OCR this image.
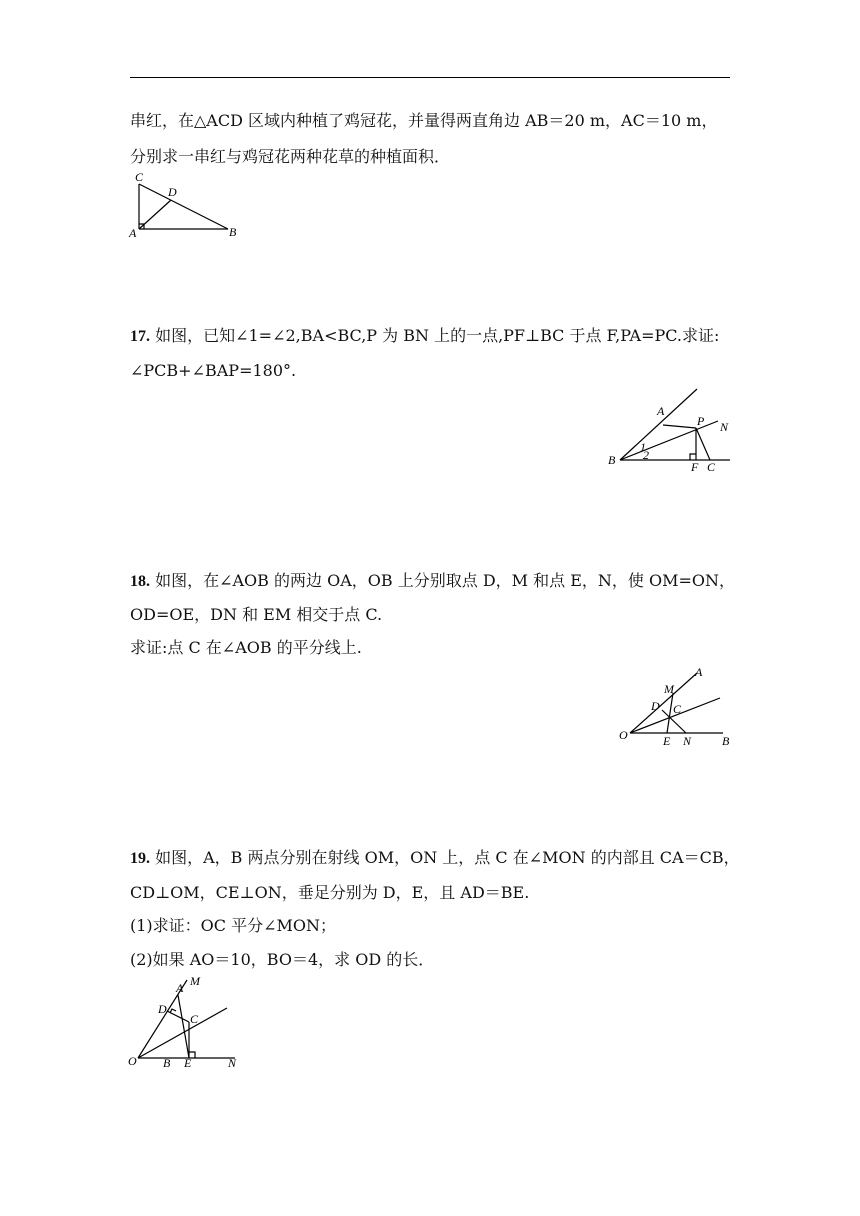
串红，在△ACD 区域内种植了鸡冠花，并量得两直角边 AB＝20 m，AC＝10 m，
分别求一串红与鸡冠花两种花草的种植面积．
C
D
A	B
17. 如图，已知∠1=∠2,BA<BC,P 为 BN 上的一点,PF⊥BC 于点 F,PA=PC.求证:
∠PCB+∠BAP=180°.
A
P N
B
1
2
F C
18. 如图，在∠AOB 的两边 OA，OB 上分别取点 D，M 和点 E，N，使 OM=ON，
OD=OE，DN 和 EM 相交于点 C.
求证:点 C 在∠AOB 的平分线上.
A
M
D C
O	E N	B
19. 如图，A，B 两点分别在射线 OM，ON 上，点 C 在∠MON 的内部且 CA＝CB，
CD⊥OM，CE⊥ON，垂足分别为 D，E，且 AD＝BE.
(1)求证：OC 平分∠MON；
(2)如果 AO＝10，BO＝4，求 OD 的长．
M
A
D
C
O B E	N
